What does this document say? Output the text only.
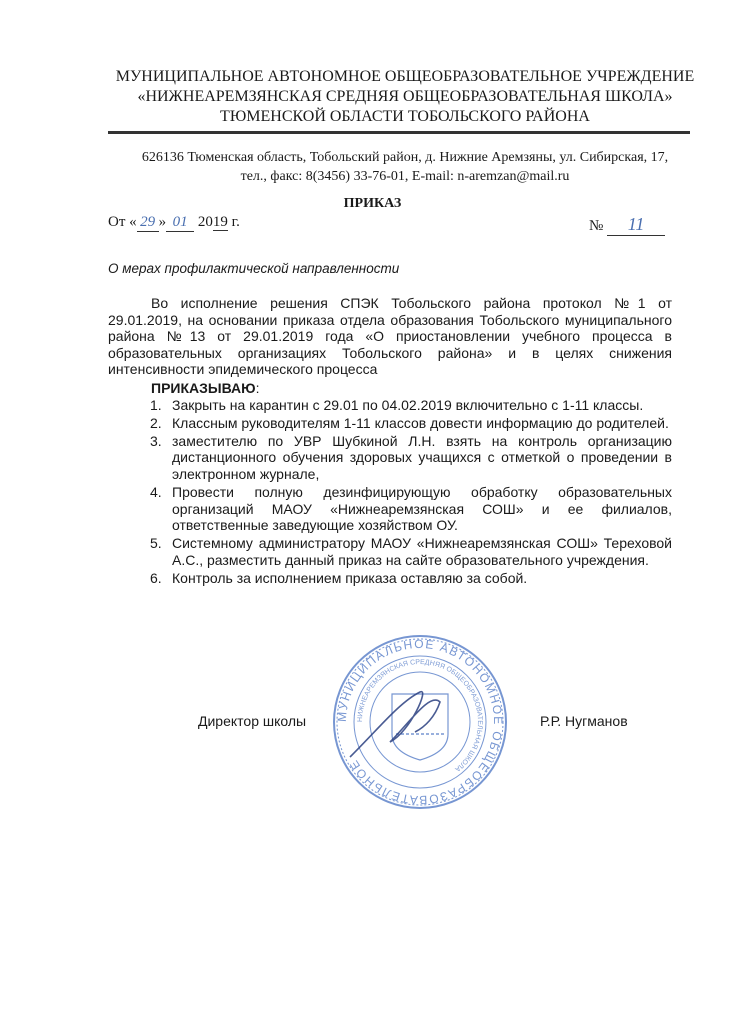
МУНИЦИПАЛЬНОЕ АВТОНОМНОЕ ОБЩЕОБРАЗОВАТЕЛЬНОЕ УЧРЕЖДЕНИЕ
«НИЖНЕАРЕМЗЯНСКАЯ СРЕДНЯЯ ОБЩЕОБРАЗОВАТЕЛЬНАЯ ШКОЛА»
ТЮМЕНСКОЙ ОБЛАСТИ ТОБОЛЬСКОГО РАЙОНА
626136 Тюменская область, Тобольский район, д. Нижние Аремзяны, ул. Сибирская, 17,
тел., факс: 8(3456) 33-76-01, E-mail: n-aremzan@mail.ru
ПРИКАЗ
От « 29 » 01 2019 г.	№ 11
О мерах профилактической направленности

Во исполнение решения СПЭК Тобольского района протокол №1 от 29.01.2019, на основании приказа отдела образования Тобольского муниципального района №13 от 29.01.2019 года «О приостановлении учебного процесса в образовательных организациях Тобольского района» и в целях снижения интенсивности эпидемического процесса

ПРИКАЗЫВАЮ:
1. Закрыть на карантин с 29.01 по 04.02.2019 включительно с 1-11 классы.
2. Классным руководителям 1-11 классов довести информацию до родителей.
3. заместителю по УВР Шубкиной Л.Н. взять на контроль организацию дистанционного обучения здоровых учащихся с отметкой о проведении в электронном журнале,
4. Провести полную дезинфицирующую обработку образовательных организаций МАОУ «Нижнеаремзянская СОШ» и ее филиалов, ответственные заведующие хозяйством ОУ.
5. Системному администратору МАОУ «Нижнеаремзянская СОШ» Тереховой А.С., разместить данный приказ на сайте образовательного учреждения.
6. Контроль за исполнением приказа оставляю за собой.
Директор школы	Р.Р. Нугманов
МУНИЦИПАЛЬНОЕ АВТОНОМНОЕ ОБЩЕОБРАЗОВАТЕЛЬНОЕ
НИЖНЕАРЕМЗЯНСКАЯ СРЕДНЯЯ ОБЩЕОБРАЗОВАТЕЛЬНАЯ ШКОЛА
